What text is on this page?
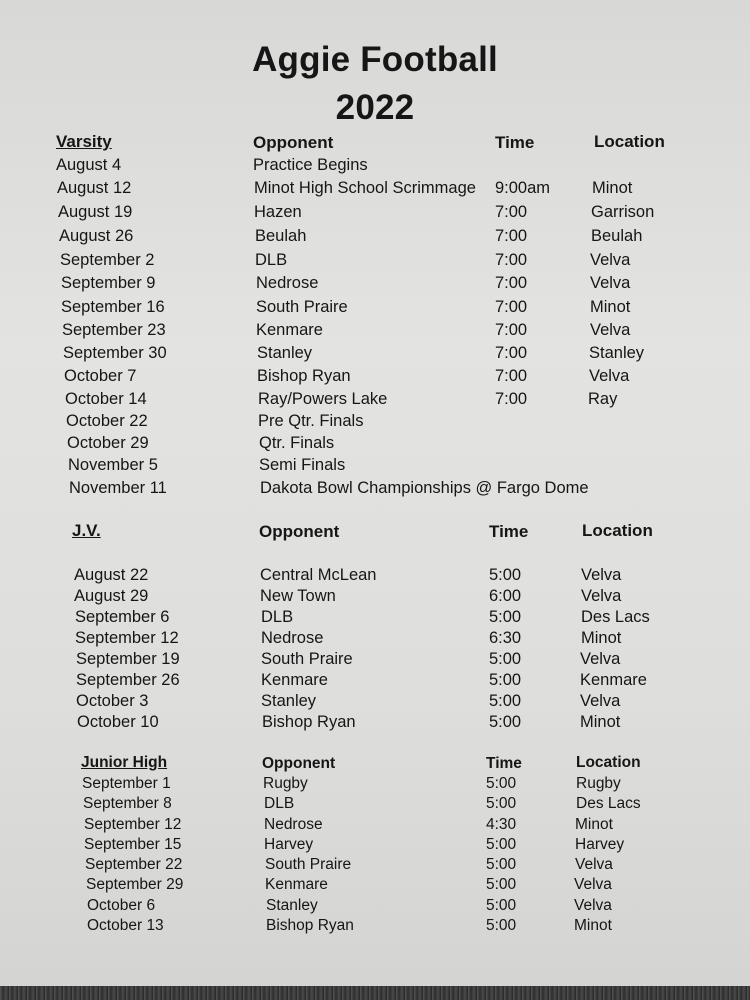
Aggie Football
2022
Varsity	Opponent	Time	Location
August 4	Practice Begins
August 12	Minot High School Scrimmage 9:00am	Minot
August 19	Hazen	7:00	Garrison
August 26	Beulah	7:00	Beulah
September 2	DLB	7:00	Velva
September 9	Nedrose	7:00	Velva
September 16	South Praire	7:00	Minot
September 23	Kenmare	7:00	Velva
September 30	Stanley	7:00	Stanley
October 7	Bishop Ryan	7:00	Velva
October 14	Ray/Powers Lake	7:00	Ray
October 22	Pre Qtr. Finals
October 29	Qtr. Finals
November 5	Semi Finals
November 11	Dakota Bowl Championships @ Fargo Dome
J.V.	Opponent	Time	Location
August 22	Central McLean	5:00	Velva
August 29	New Town	6:00	Velva
September 6	DLB	5:00	Des Lacs
September 12	Nedrose	6:30	Minot
September 19	South Praire	5:00	Velva
September 26	Kenmare	5:00	Kenmare
October 3	Stanley	5:00	Velva
October 10	Bishop Ryan	5:00	Minot
Junior High	Opponent	Time	Location
September 1	Rugby	5:00	Rugby
September 8	DLB	5:00	Des Lacs
September 12	Nedrose	4:30	Minot
September 15	Harvey	5:00	Harvey
September 22	South Praire	5:00	Velva
September 29	Kenmare	5:00	Velva
October 6	Stanley	5:00	Velva
October 13	Bishop Ryan	5:00	Minot
